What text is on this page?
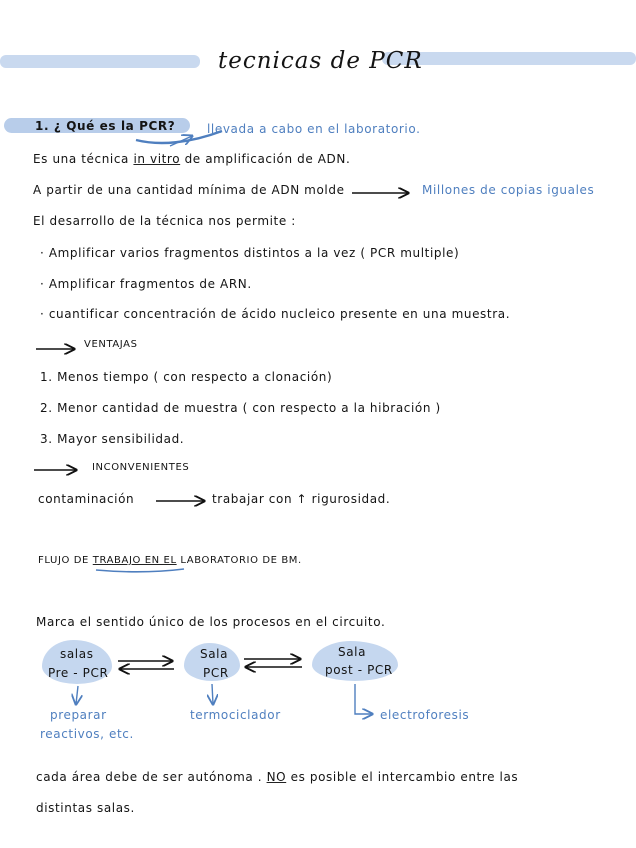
tecnicas de PCR
1. ¿ Qué es la PCR?	llevada a cabo en el laboratorio.
Es una técnica in vitro de amplificación de ADN.
A partir de una cantidad mínima de ADN molde	Millones de copias iguales
El desarrollo de la técnica nos permite :
· Amplificar varios fragmentos distintos a la vez ( PCR multiple)
· Amplificar fragmentos de ARN.
· cuantificar concentración de ácido nucleico presente en una muestra.
VENTAJAS
1. Menos tiempo ( con respecto a clonación)
2. Menor cantidad de muestra ( con respecto a la hibración )
3. Mayor sensibilidad.
INCONVENIENTES
contaminación	trabajar con ↑ rigurosidad.
FLUJO DE TRABAJO EN EL LABORATORIO DE BM.
Marca el sentido único de los procesos en el circuito.
salas
Pre - PCR
Sala
PCR
Sala
post - PCR
preparar
reactivos, etc.
termociclador	electroforesis
cada área debe de ser autónoma . NO es posible el intercambio entre las
distintas salas.
